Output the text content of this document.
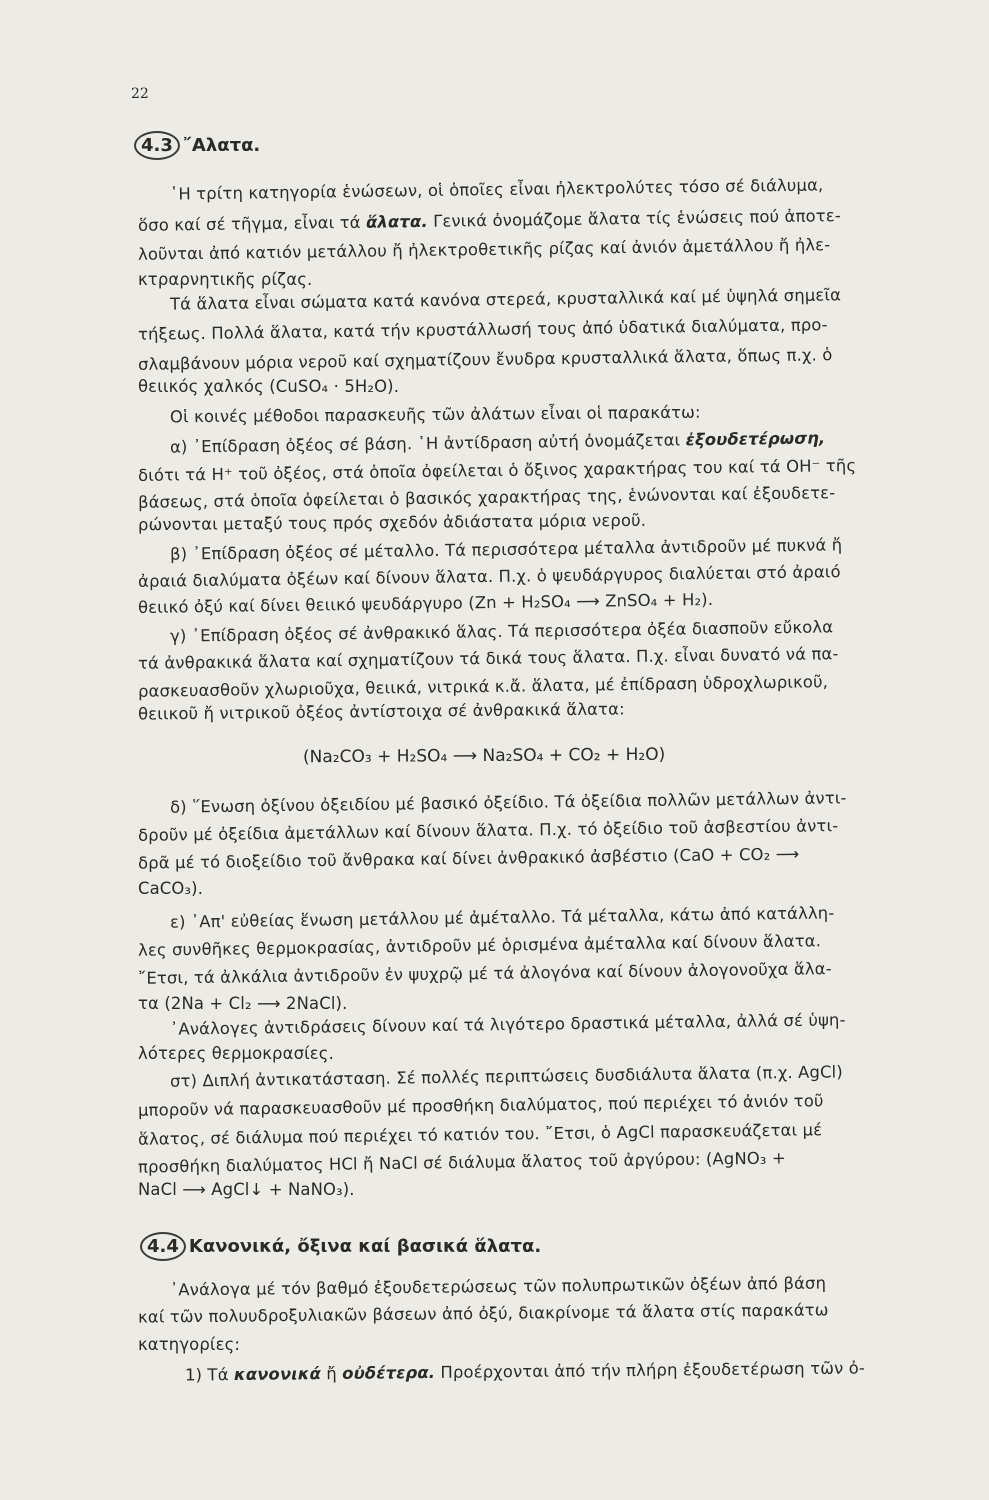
22
4.3 ῎Αλατα.
῾Η τρίτη κατηγορία ἑνώσεων, οἱ ὁποῖες εἶναι ἠλεκτρολύτες τόσο σέ διάλυμα,
ὅσο καί σέ τῆγμα, εἶναι τά ἅλατα. Γενικά ὀνομάζομε ἅλατα τίς ἑνώσεις πού ἀποτε-
λοῦνται ἀπό κατιόν μετάλλου ἤ ἠλεκτροθετικῆς ρίζας καί ἀνιόν ἀμετάλλου ἤ ἠλε-
κτραρνητικῆς ρίζας.
Τά ἅλατα εἶναι σώματα κατά κανόνα στερεά, κρυσταλλικά καί μέ ὑψηλά σημεῖα
τήξεως. Πολλά ἅλατα, κατά τήν κρυστάλλωσή τους ἀπό ὑδατικά διαλύματα, προ-
σλαμβάνουν μόρια νεροῦ καί σχηματίζουν ἔνυδρα κρυσταλλικά ἅλατα, ὅπως π.χ. ὁ
θειικός χαλκός (CuSO₄ · 5H₂O).
Οἱ κοινές μέθοδοι παρασκευῆς τῶν ἀλάτων εἶναι οἱ παρακάτω:
α) ᾿Επίδραση ὀξέος σέ βάση. ῾Η ἀντίδραση αὐτή ὀνομάζεται ἐξουδετέρωση,
διότι τά Η⁺ τοῦ ὀξέος, στά ὁποῖα ὀφείλεται ὁ ὄξινος χαρακτήρας του καί τά ΟΗ⁻ τῆς
βάσεως, στά ὁποῖα ὀφείλεται ὁ βασικός χαρακτήρας της, ἑνώνονται καί ἐξουδετε-
ρώνονται μεταξύ τους πρός σχεδόν ἀδιάστατα μόρια νεροῦ.
β) ᾿Επίδραση ὀξέος σέ μέταλλο. Τά περισσότερα μέταλλα ἀντιδροῦν μέ πυκνά ἤ
ἀραιά διαλύματα ὀξέων καί δίνουν ἅλατα. Π.χ. ὁ ψευδάργυρος διαλύεται στό ἀραιό
θειικό ὀξύ καί δίνει θειικό ψευδάργυρο (Zn + H₂SO₄ ⟶ ZnSO₄ + H₂).
γ) ᾿Επίδραση ὀξέος σέ ἀνθρακικό ἅλας. Τά περισσότερα ὀξέα διασποῦν εὔκολα
τά ἀνθρακικά ἅλατα καί σχηματίζουν τά δικά τους ἅλατα. Π.χ. εἶναι δυνατό νά πα-
ρασκευασθοῦν χλωριοῦχα, θειικά, νιτρικά κ.ἄ. ἅλατα, μέ ἐπίδραση ὑδροχλωρικοῦ,
θειικοῦ ἤ νιτρικοῦ ὀξέος ἀντίστοιχα σέ ἀνθρακικά ἅλατα:
(Na₂CO₃ + H₂SO₄ ⟶ Na₂SO₄ + CO₂ + H₂O)
δ) ῞Ενωση ὀξίνου ὀξειδίου μέ βασικό ὀξείδιο. Τά ὀξείδια πολλῶν μετάλλων ἀντι-
δροῦν μέ ὀξείδια ἀμετάλλων καί δίνουν ἅλατα. Π.χ. τό ὀξείδιο τοῦ ἀσβεστίου ἀντι-
δρᾶ μέ τό διοξείδιο τοῦ ἄνθρακα καί δίνει ἀνθρακικό ἀσβέστιο (CaO + CO₂ ⟶
CaCO₃).
ε) ᾿Απ' εὐθείας ἕνωση μετάλλου μέ ἀμέταλλο. Τά μέταλλα, κάτω ἀπό κατάλλη-
λες συνθῆκες θερμοκρασίας, ἀντιδροῦν μέ ὁρισμένα ἀμέταλλα καί δίνουν ἅλατα.
῎Ετσι, τά ἀλκάλια ἀντιδροῦν ἐν ψυχρῷ μέ τά ἀλογόνα καί δίνουν ἀλογονοῦχα ἅλα-
τα (2Na + Cl₂ ⟶ 2NaCl).
᾿Ανάλογες ἀντιδράσεις δίνουν καί τά λιγότερο δραστικά μέταλλα, ἀλλά σέ ὑψη-
λότερες θερμοκρασίες.
στ) Διπλή ἀντικατάσταση. Σέ πολλές περιπτώσεις δυσδιάλυτα ἅλατα (π.χ. AgCl)
μποροῦν νά παρασκευασθοῦν μέ προσθήκη διαλύματος, πού περιέχει τό ἀνιόν τοῦ
ἅλατος, σέ διάλυμα πού περιέχει τό κατιόν του. ῎Ετσι, ὁ AgCl παρασκευάζεται μέ
προσθήκη διαλύματος HCl ἤ NaCl σέ διάλυμα ἅλατος τοῦ ἀργύρου: (AgNO₃ +
NaCl ⟶ AgCl↓ + NaNO₃).
4.4 Κανονικά, ὄξινα καί βασικά ἅλατα.
᾿Ανάλογα μέ τόν βαθμό ἐξουδετερώσεως τῶν πολυπρωτικῶν ὀξέων ἀπό βάση
καί τῶν πολυυδροξυλιακῶν βάσεων ἀπό ὀξύ, διακρίνομε τά ἅλατα στίς παρακάτω
κατηγορίες:
1) Τά κανονικά ἤ οὐδέτερα. Προέρχονται ἀπό τήν πλήρη ἐξουδετέρωση τῶν ὀ-
